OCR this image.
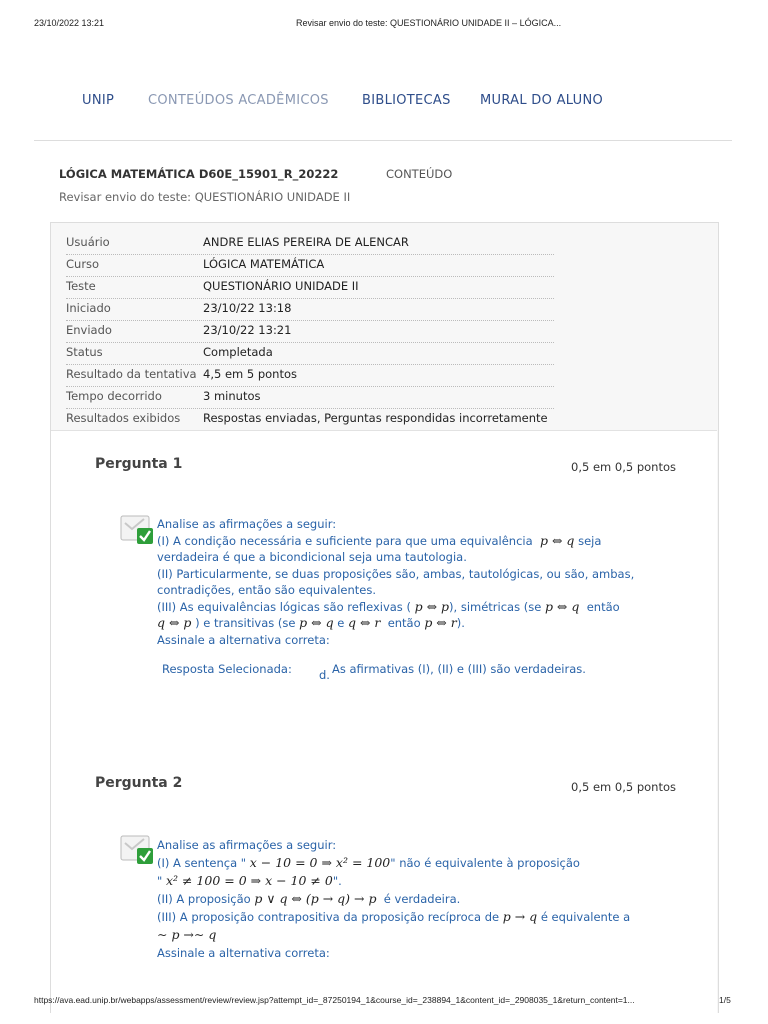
23/10/2022 13:21	Revisar envio do teste: QUESTIONÁRIO UNIDADE II – LÓGICA...
UNIP	CONTEÚDOS ACADÊMICOS	BIBLIOTECAS MURAL DO ALUNO
LÓGICA MATEMÁTICA D60E_15901_R_20222	CONTEÚDO
Revisar envio do teste: QUESTIONÁRIO UNIDADE II
Usuário	ANDRE ELIAS PEREIRA DE ALENCAR
Curso	LÓGICA MATEMÁTICA
Teste	QUESTIONÁRIO UNIDADE II
Iniciado	23/10/22 13:18
Enviado	23/10/22 13:21
Status	Completada
Resultado da tentativa 4,5 em 5 pontos
Tempo decorrido	3 minutos
Resultados exibidos Respostas enviadas, Perguntas respondidas incorretamente
Pergunta 1	0,5 em 0,5 pontos
Analise as afirmações a seguir:
(I) A condição necessária e suficiente para que uma equivalência p ⇔ q seja
verdadeira é que a bicondicional seja uma tautologia.
(II) Particularmente, se duas proposições são, ambas, tautológicas, ou são, ambas,
contradições, então são equivalentes.
(III) As equivalências lógicas são reflexivas ( p ⇔ p), simétricas (se p ⇔ q então
q ⇔ p ) e transitivas (se p ⇔ q e q ⇔ r então p ⇔ r).
Assinale a alternativa correta:
Resposta Selecionada: d. As afirmativas (I), (II) e (III) são verdadeiras.
Pergunta 2	0,5 em 0,5 pontos
Analise as afirmações a seguir:
(I) A sentença " x − 10 = 0 ⇒ x² = 100" não é equivalente à proposição
" x² ≠ 100 = 0 ⇒ x − 10 ≠ 0".
(II) A proposição p ∨ q ⇔ (p → q) → p é verdadeira.
(III) A proposição contrapositiva da proposição recíproca de p → q é equivalente a
∼ p →∼ q
Assinale a alternativa correta:
https://ava.ead.unip.br/webapps/assessment/review/review.jsp?attempt_id=_87250194_1&course_id=_238894_1&content_id=_2908035_1&return_content=1...	1/5
